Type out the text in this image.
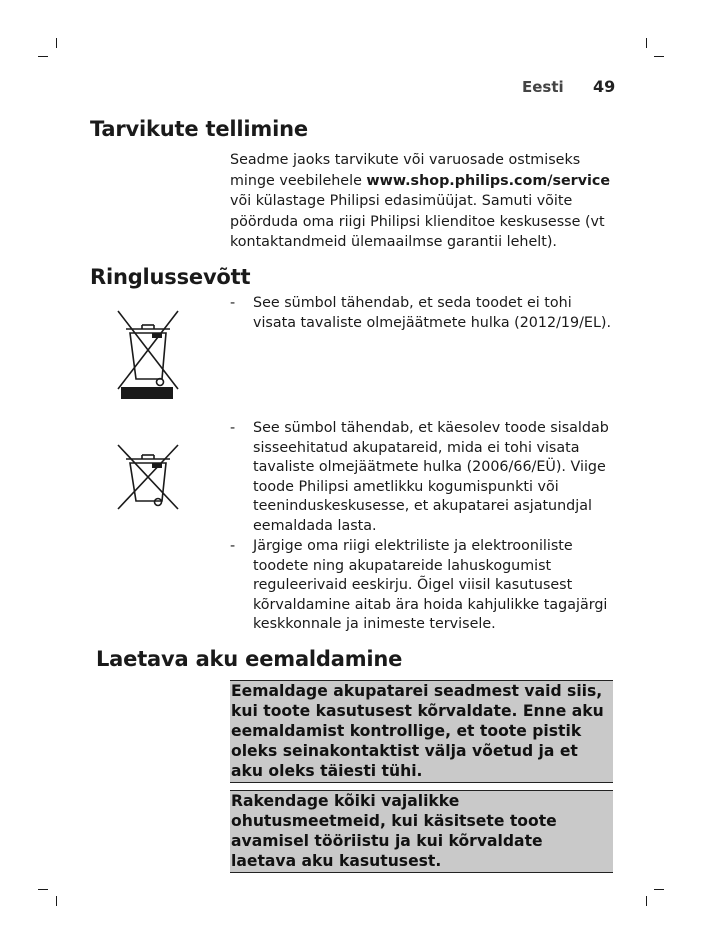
Eesti 49
Tarvikute tellimine
Seadme jaoks tarvikute või varuosade ostmiseks minge veebilehele www.shop.philips.com/service või külastage Philipsi edasimüüjat. Samuti võite pöörduda oma riigi Philipsi klienditoe keskusesse (vt kontaktandmeid ülemaailmse garantii lehelt).
Ringlussevõtt
- See sümbol tähendab, et seda toodet ei tohi visata tavaliste olmejäätmete hulka (2012/19/EL).
- See sümbol tähendab, et käesolev toode sisaldab sisseehitatud akupatareid, mida ei tohi visata tavaliste olmejäätmete hulka (2006/66/EÜ). Viige toode Philipsi ametlikku kogumispunkti või teeninduskeskusesse, et akupatarei asjatundjal eemaldada lasta.
- Järgige oma riigi elektriliste ja elektrooniliste toodete ning akupatareide lahuskogumist reguleerivaid eeskirju. Õigel viisil kasutusest kõrvaldamine aitab ära hoida kahjulikke tagajärgi keskkonnale ja inimeste tervisele.
Laetava aku eemaldamine
Eemaldage akupatarei seadmest vaid siis, kui toote kasutusest kõrvaldate. Enne aku eemaldamist kontrollige, et toote pistik oleks seinakontaktist välja võetud ja et aku oleks täiesti tühi.
Rakendage kõiki vajalikke ohutusmeetmeid, kui käsitsete toote avamisel tööriistu ja kui kõrvaldate laetava aku kasutusest.
